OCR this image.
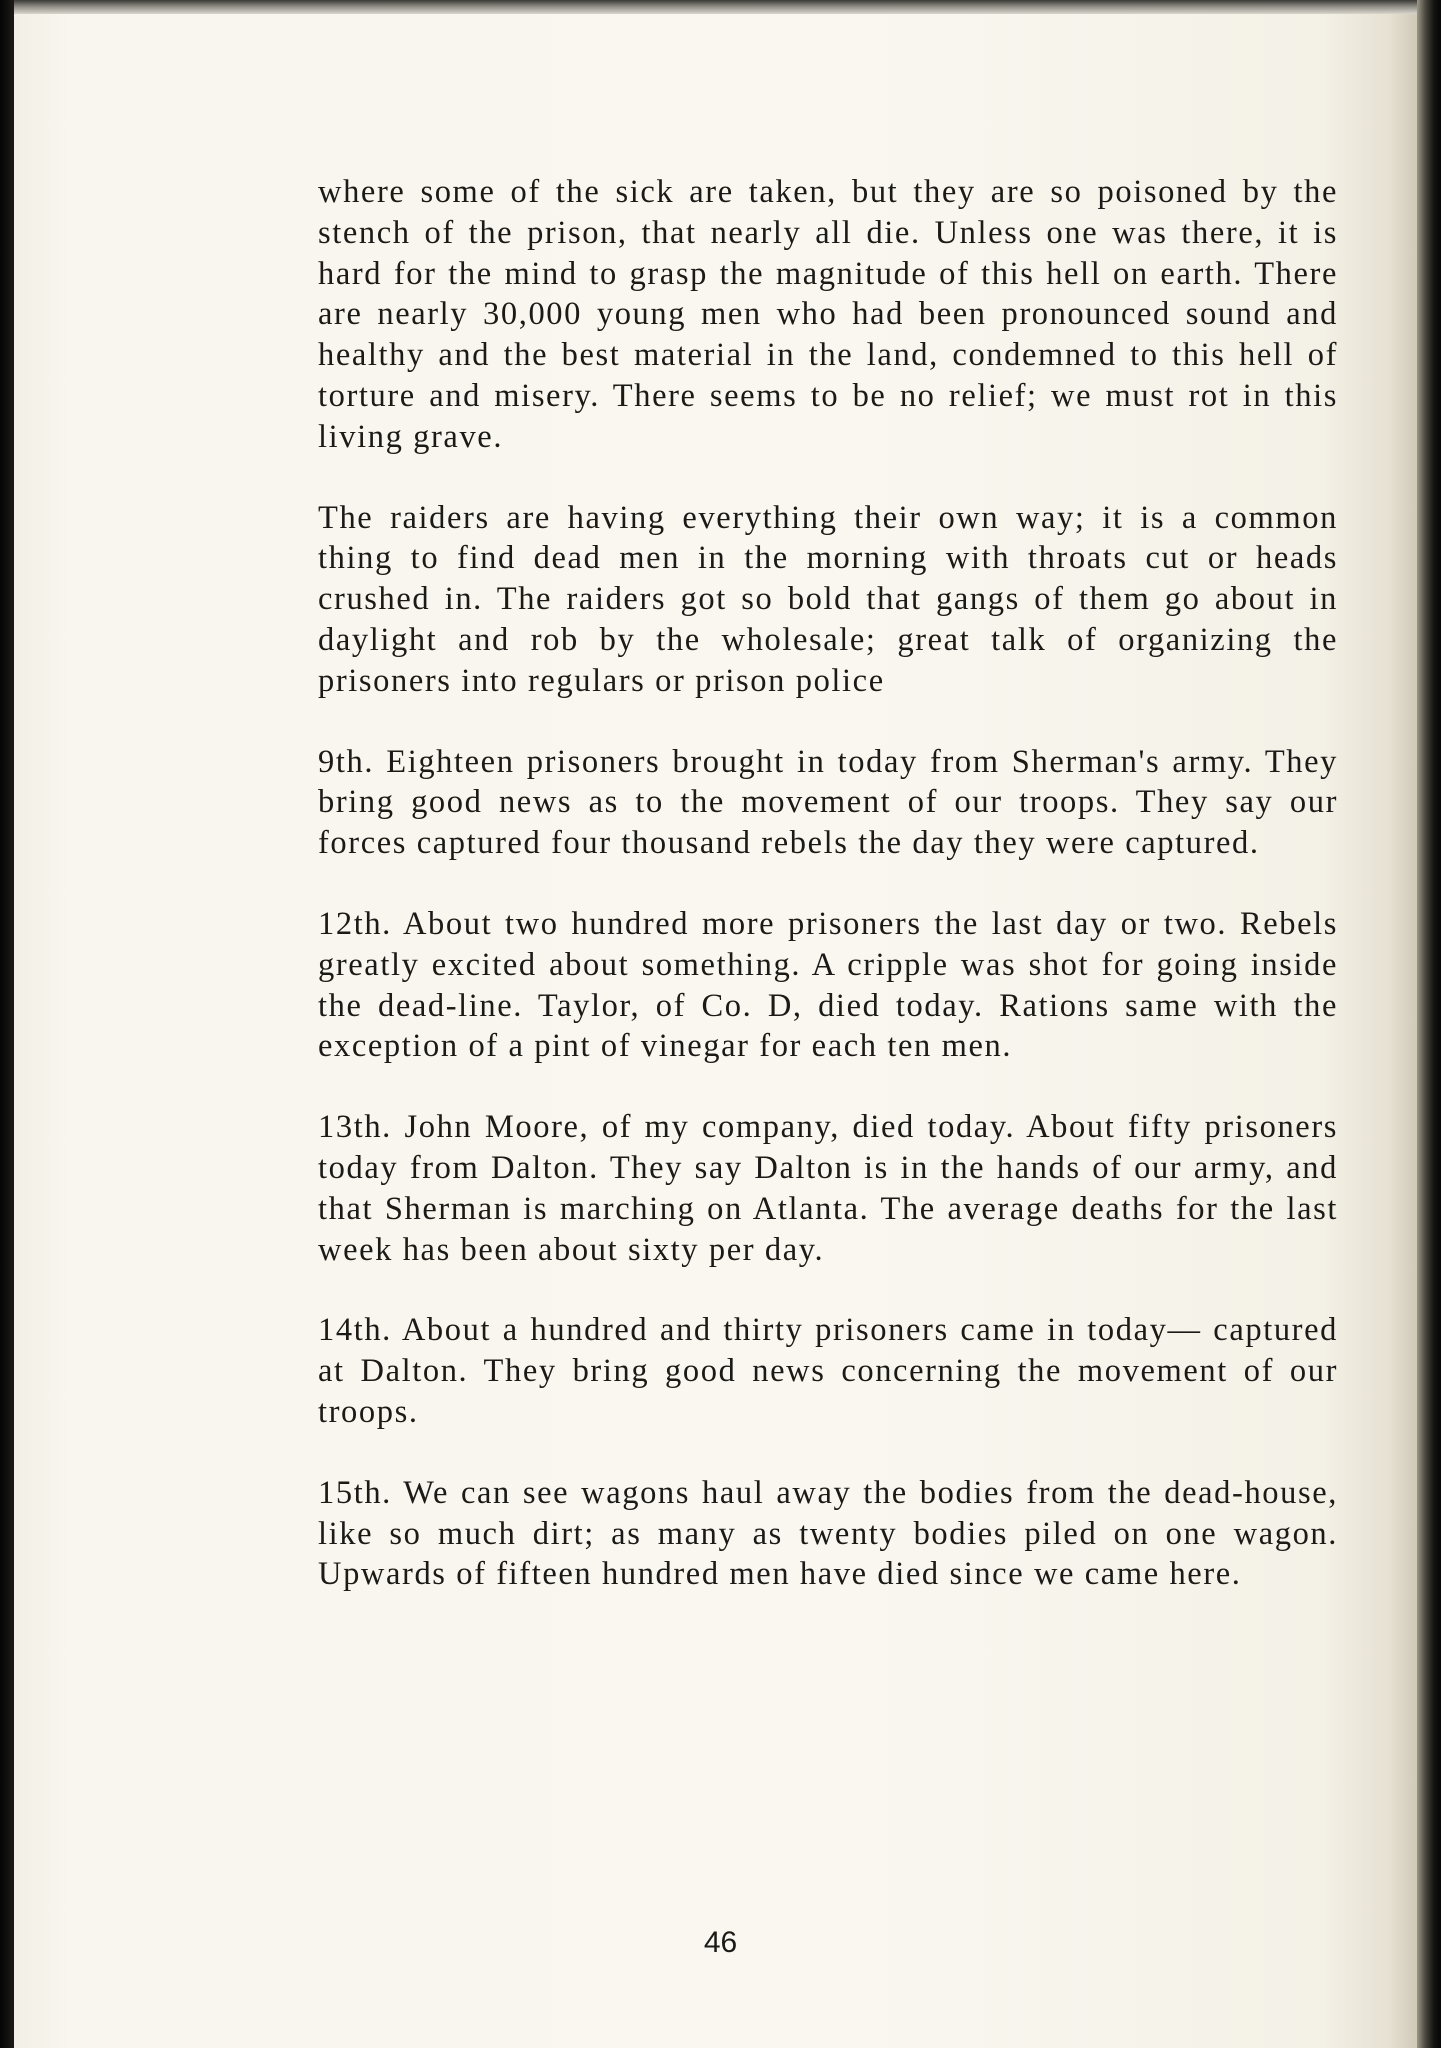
where some of the sick are taken, but they are so poisoned by the stench of the prison, that nearly all die. Unless one was there, it is hard for the mind to grasp the magnitude of this hell on earth. There are nearly 30,000 young men who had been pronounced sound and healthy and the best material in the land, condemned to this hell of torture and misery. There seems to be no relief; we must rot in this living grave.

The raiders are having everything their own way; it is a common thing to find dead men in the morning with throats cut or heads crushed in. The raiders got so bold that gangs of them go about in daylight and rob by the wholesale; great talk of organizing the prisoners into regulars or prison police

9th. Eighteen prisoners brought in today from Sherman's army. They bring good news as to the movement of our troops. They say our forces captured four thousand rebels the day they were captured.

12th. About two hundred more prisoners the last day or two. Rebels greatly excited about something. A cripple was shot for going inside the dead-line. Taylor, of Co. D, died today. Rations same with the exception of a pint of vinegar for each ten men.

13th. John Moore, of my company, died today. About fifty prisoners today from Dalton. They say Dalton is in the hands of our army, and that Sherman is marching on Atlanta. The average deaths for the last week has been about sixty per day.

14th. About a hundred and thirty prisoners came in today— captured at Dalton. They bring good news concerning the movement of our troops.

15th. We can see wagons haul away the bodies from the dead-house, like so much dirt; as many as twenty bodies piled on one wagon. Upwards of fifteen hundred men have died since we came here.

46
